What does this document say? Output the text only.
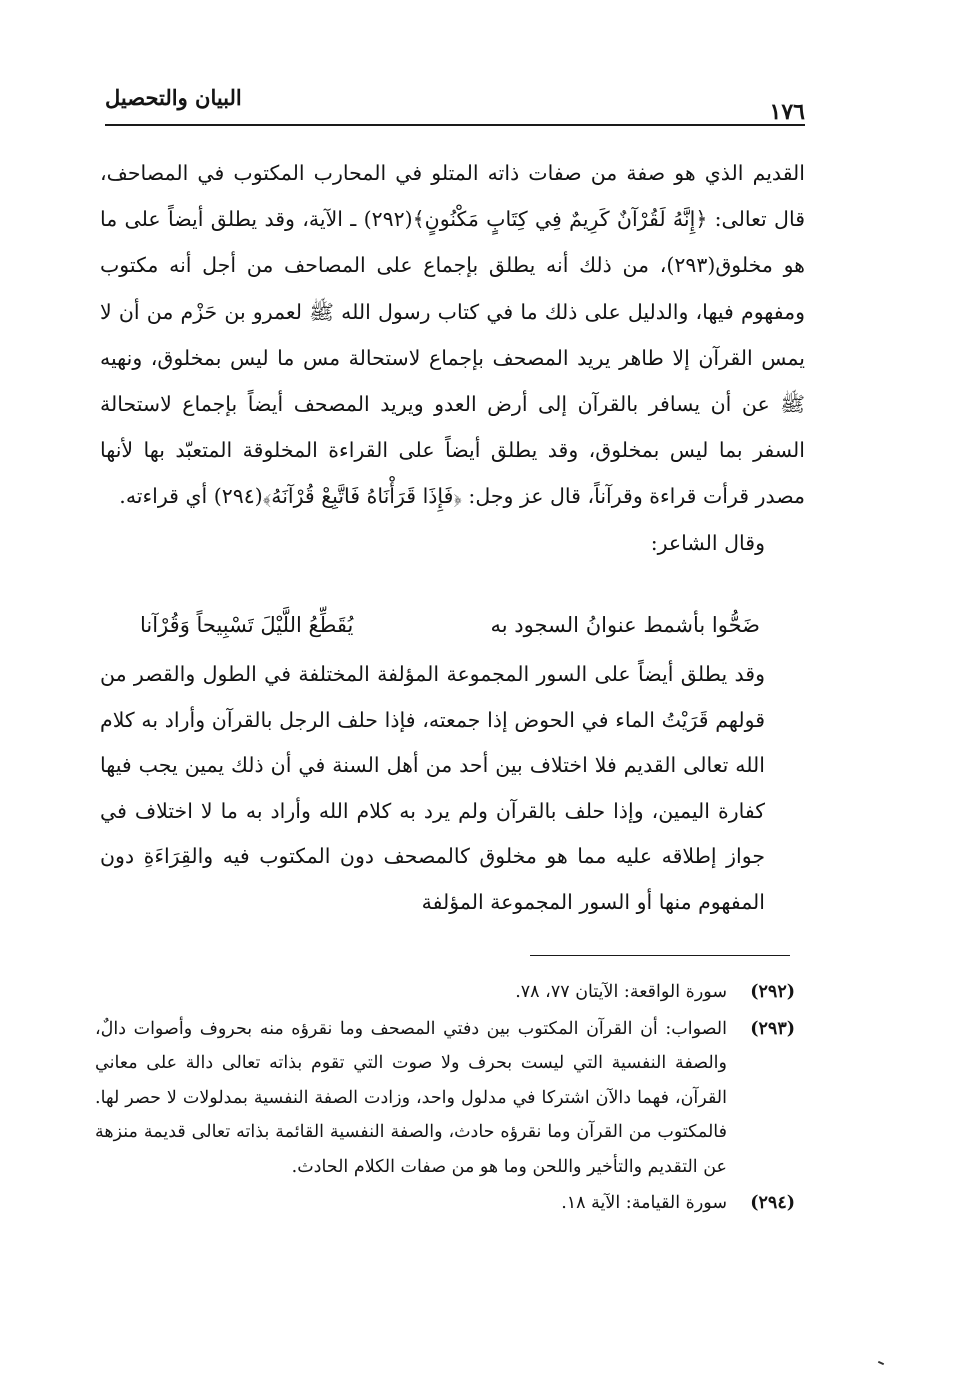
١٧٦
البيان والتحصيل

القديم الذي هو صفة من صفات ذاته المتلو في المحارب المكتوب في المصاحف، قال تعالى: ﴿إِنَّهُ لَقُرْآنٌ كَرِيمٌ فِي كِتَابٍ مَكْنُونٍ﴾(٢٩٢) ـ الآية، وقد يطلق أيضاً على ما هو مخلوق(٢٩٣)، من ذلك أنه يطلق بإجماع على المصاحف من أجل أنه مكتوب ومفهوم فيها، والدليل على ذلك ما في كتاب رسول الله ﷺ لعمرو بن حَزْم من أن لا يمس القرآن إلا طاهر يريد المصحف بإجماع لاستحالة مس ما ليس بمخلوق، ونهيه ﷺ عن أن يسافر بالقرآن إلى أرض العدو ويريد المصحف أيضاً بإجماع لاستحالة السفر بما ليس بمخلوق، وقد يطلق أيضاً على القراءة المخلوقة المتعبّد بها لأنها مصدر قرأت قراءة وقرآناً، قال عز وجل: ﴿فَإِذَا قَرَأْنَاهُ فَاتَّبِعْ قُرْآنَهُ﴾(٢٩٤) أي قراءته.

وقال الشاعر:

ضَحُّوا بأشمط عنوانُ السجود به
يُقَطِّعُ اللَّيْلَ تَسْبِيحاً وَقُرْآنا

وقد يطلق أيضاً على السور المجموعة المؤلفة المختلفة في الطول والقصر من قولهم قَرَيْتُ الماء في الحوض إذا جمعته، فإذا حلف الرجل بالقرآن وأراد به كلام الله تعالى القديم فلا اختلاف بين أحد من أهل السنة في أن ذلك يمين يجب فيها كفارة اليمين، وإذا حلف بالقرآن ولم يرد به كلام الله وأراد به ما لا اختلاف في جواز إطلاقه عليه مما هو مخلوق كالمصحف دون المكتوب فيه والقِرَاءَةِ دون المفهوم منها أو السور المجموعة المؤلفة

(٢٩٢)
سورة الواقعة: الآيتان ٧٧، ٧٨.
(٢٩٣)
الصواب: أن القرآن المكتوب بين دفتي المصحف وما نقرؤه منه بحروف وأصوات دالٌ، والصفة النفسية التي ليست بحرف ولا صوت التي تقوم بذاته تعالى دالة على معاني القرآن، فهما دالآن اشتركا في مدلول واحد، وزادت الصفة النفسية بمدلولات لا حصر لها. فالمكتوب من القرآن وما نقرؤه حادث، والصفة النفسية القائمة بذاته تعالى قديمة منزهة عن التقديم والتأخير واللحن وما هو من صفات الكلام الحادث.
(٢٩٤)
سورة القيامة: الآية ١٨.
